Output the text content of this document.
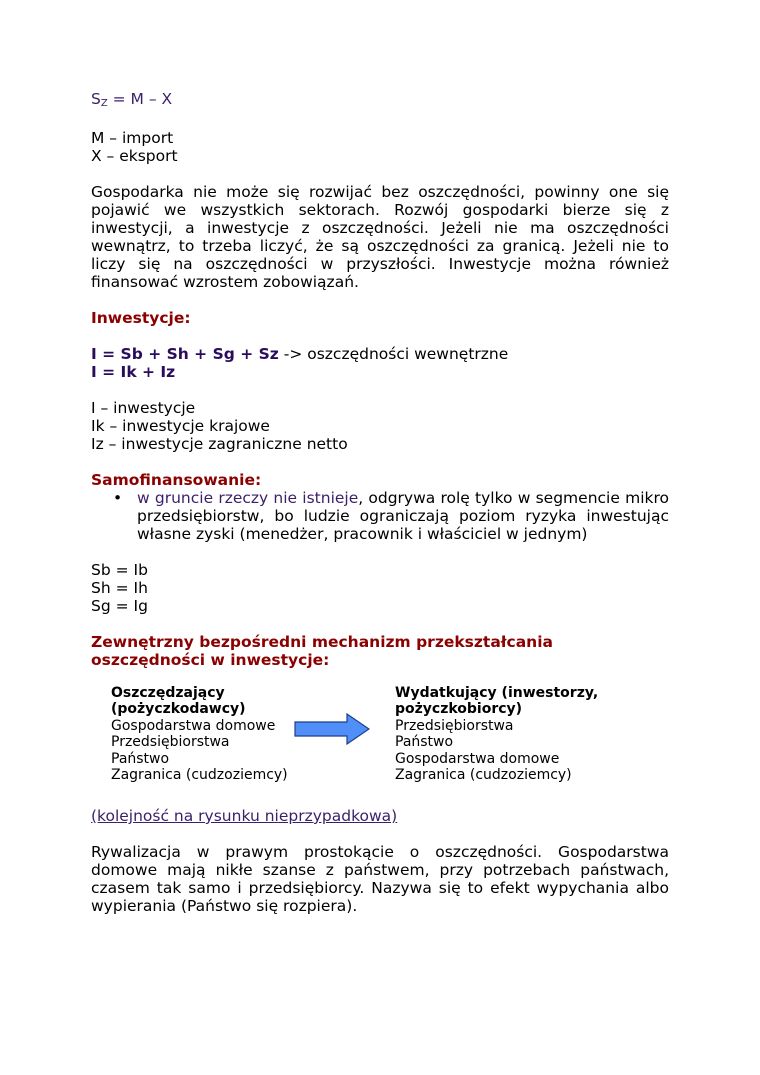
SZ = M – X

M – import

X – eksport

Gospodarka nie może się rozwijać bez oszczędności, powinny one się pojawić we wszystkich sektorach. Rozwój gospodarki bierze się z inwestycji, a inwestycje z oszczędności. Jeżeli nie ma oszczędności wewnątrz, to trzeba liczyć, że są oszczędności za granicą. Jeżeli nie to liczy się na oszczędności w przyszłości. Inwestycje można również finansować wzrostem zobowiązań.

Inwestycje:

I = Sb + Sh + Sg + Sz -> oszczędności wewnętrzne

I = Ik + Iz

I – inwestycje

Ik – inwestycje krajowe

Iz – inwestycje zagraniczne netto

Samofinansowanie:

• w gruncie rzeczy nie istnieje, odgrywa rolę tylko w segmencie mikro przedsiębiorstw, bo ludzie ograniczają poziom ryzyka inwestując własne zyski (menedżer, pracownik i właściciel w jednym)

Sb = Ib

Sh = Ih

Sg = Ig

Zewnętrzny bezpośredni mechanizm przekształcania oszczędności w inwestycje:

Oszczędzający (pożyczkodawcy)
Gospodarstwa domowe
Przedsiębiorstwa
Państwo
Zagranica (cudzoziemcy)
Wydatkujący (inwestorzy, pożyczkobiorcy)
Przedsiębiorstwa
Państwo
Gospodarstwa domowe
Zagranica (cudzoziemcy)

(kolejność na rysunku nieprzypadkowa)

Rywalizacja w prawym prostokącie o oszczędności. Gospodarstwa domowe mają nikłe szanse z państwem, przy potrzebach państwach, czasem tak samo i przedsiębiorcy. Nazywa się to efekt wypychania albo wypierania (Państwo się rozpiera).
